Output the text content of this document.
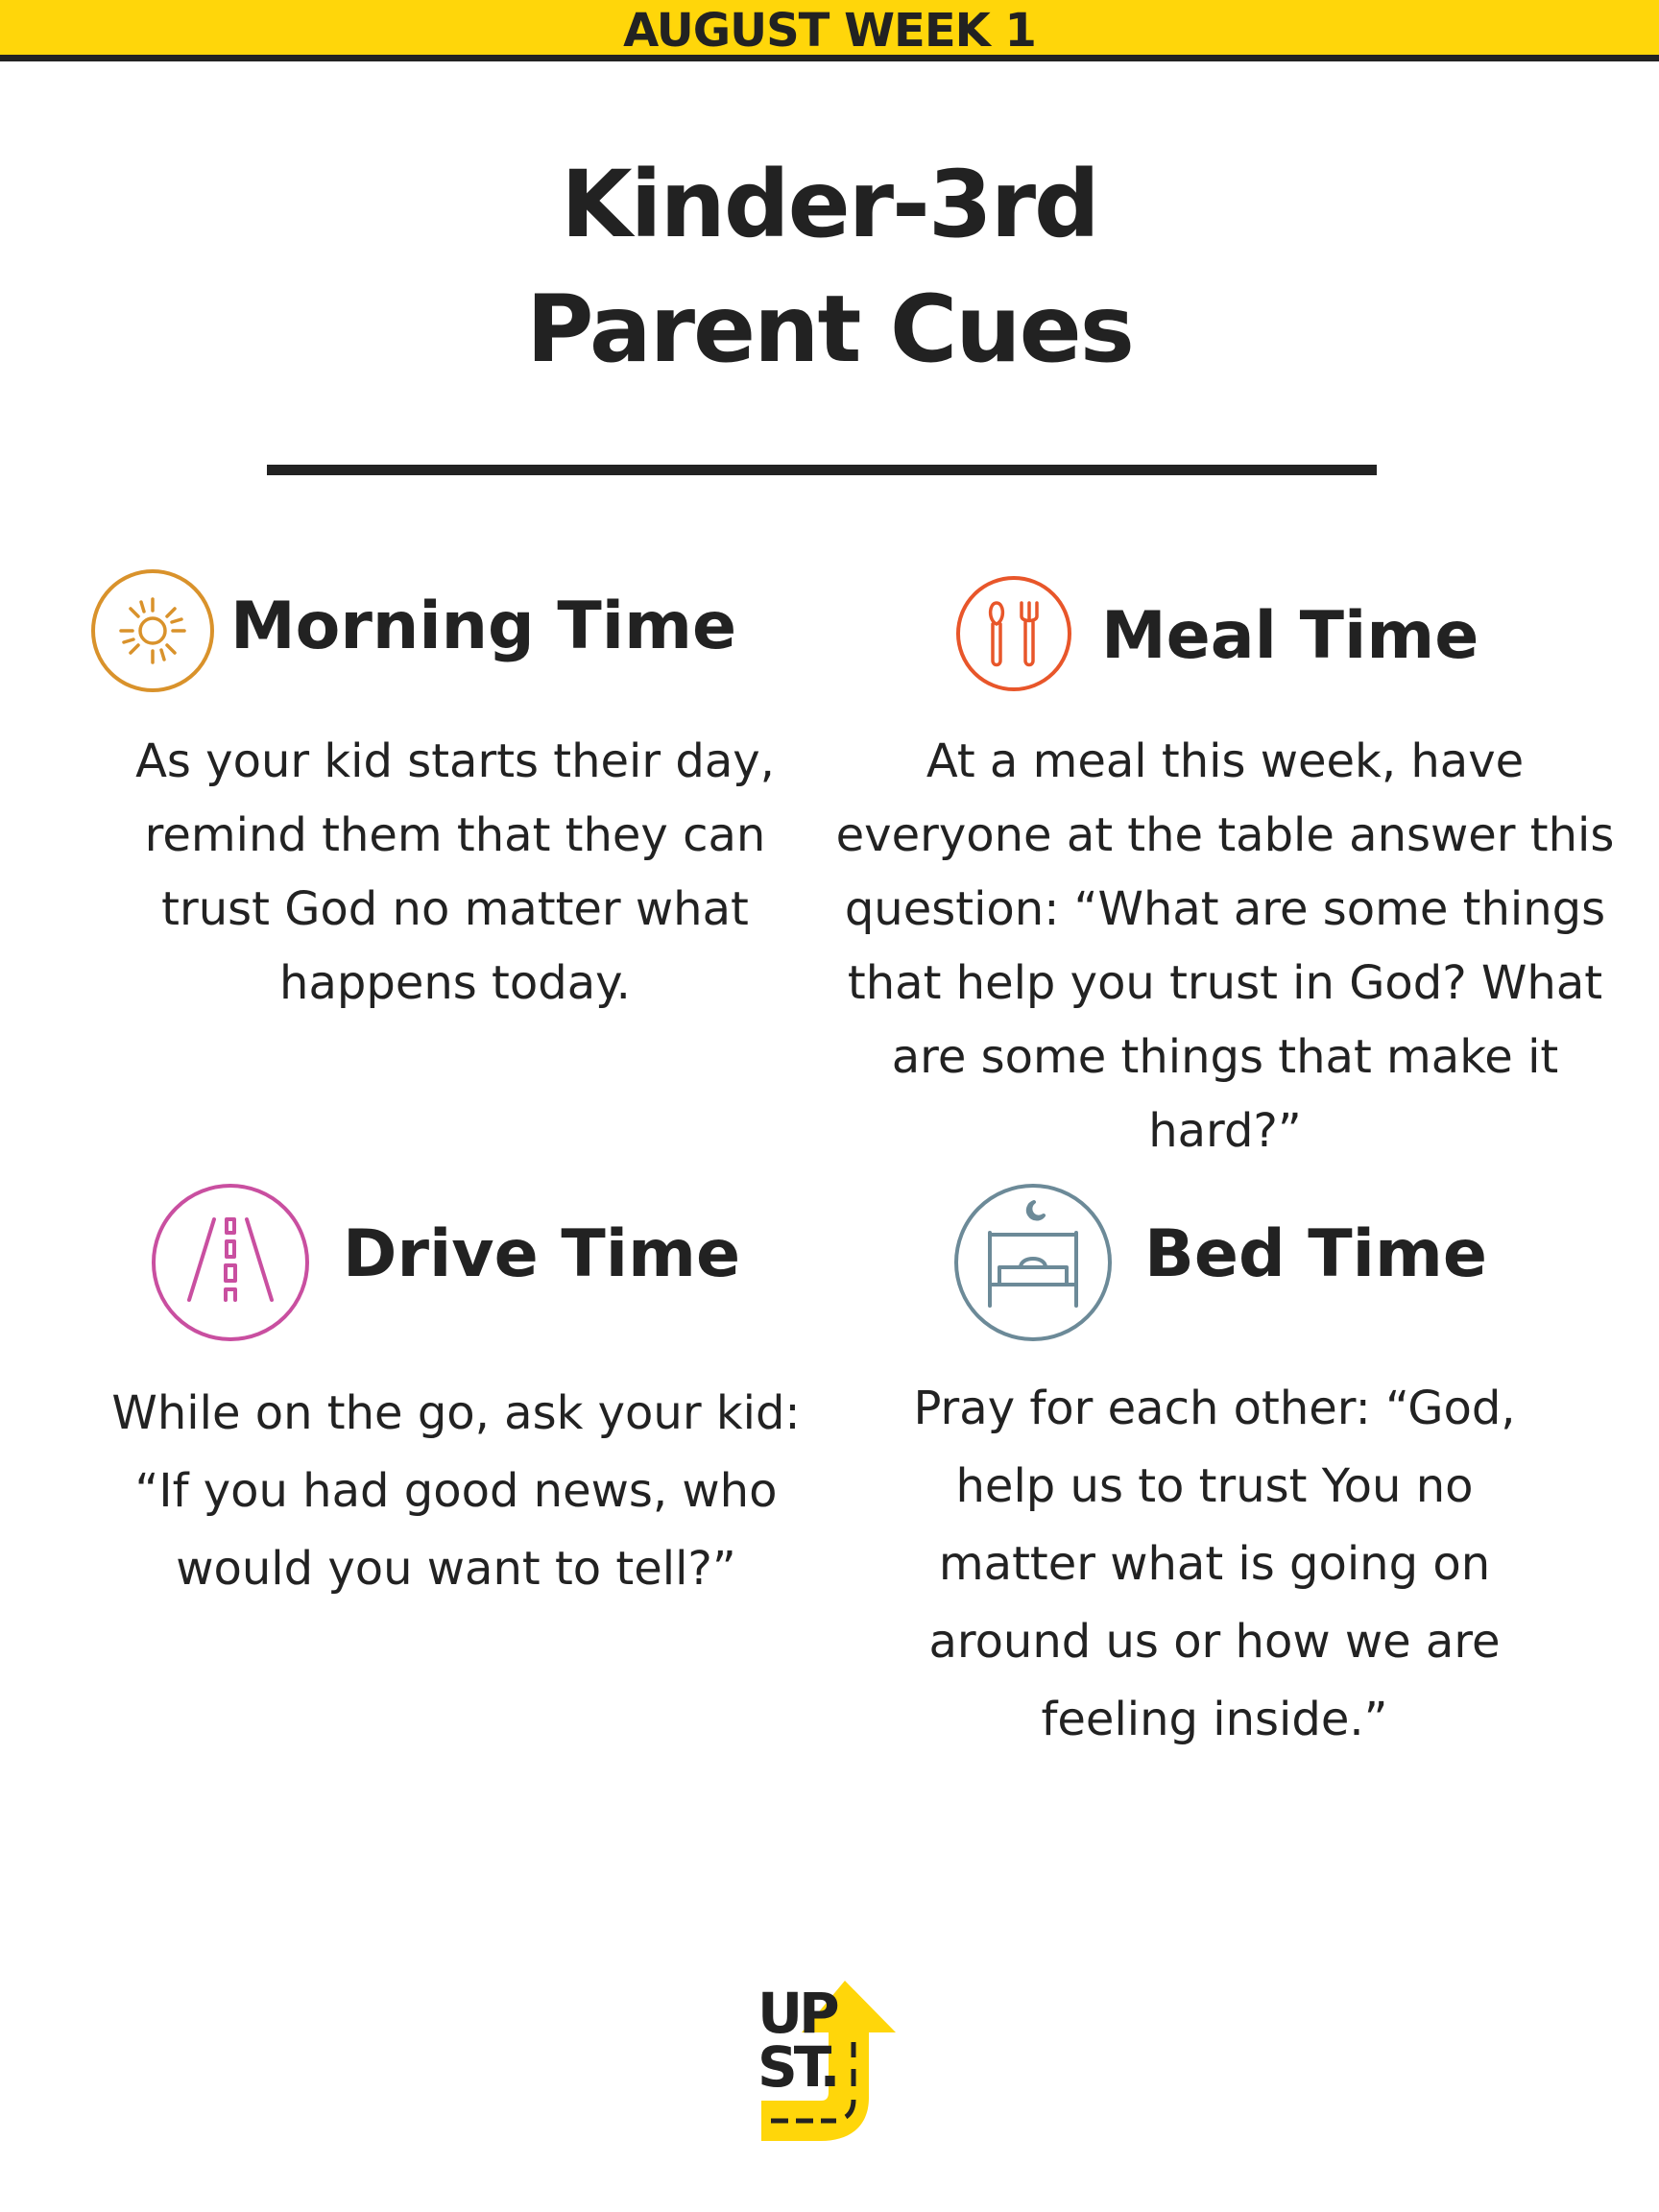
AUGUST WEEK 1
Kinder-3rd
Parent Cues
Morning Time
As your kid starts their day, remind them that they can trust God no matter what happens today.
Meal Time
At a meal this week, have everyone at the table answer this question: “What are some things that help you trust in God? What are some things that make it hard?”
Drive Time
While on the go, ask your kid: “If you had good news, who would you want to tell?”
Bed Time
Pray for each other: “God, help us to trust You no matter what is going on around us or how we are feeling inside.”
UP
ST.
